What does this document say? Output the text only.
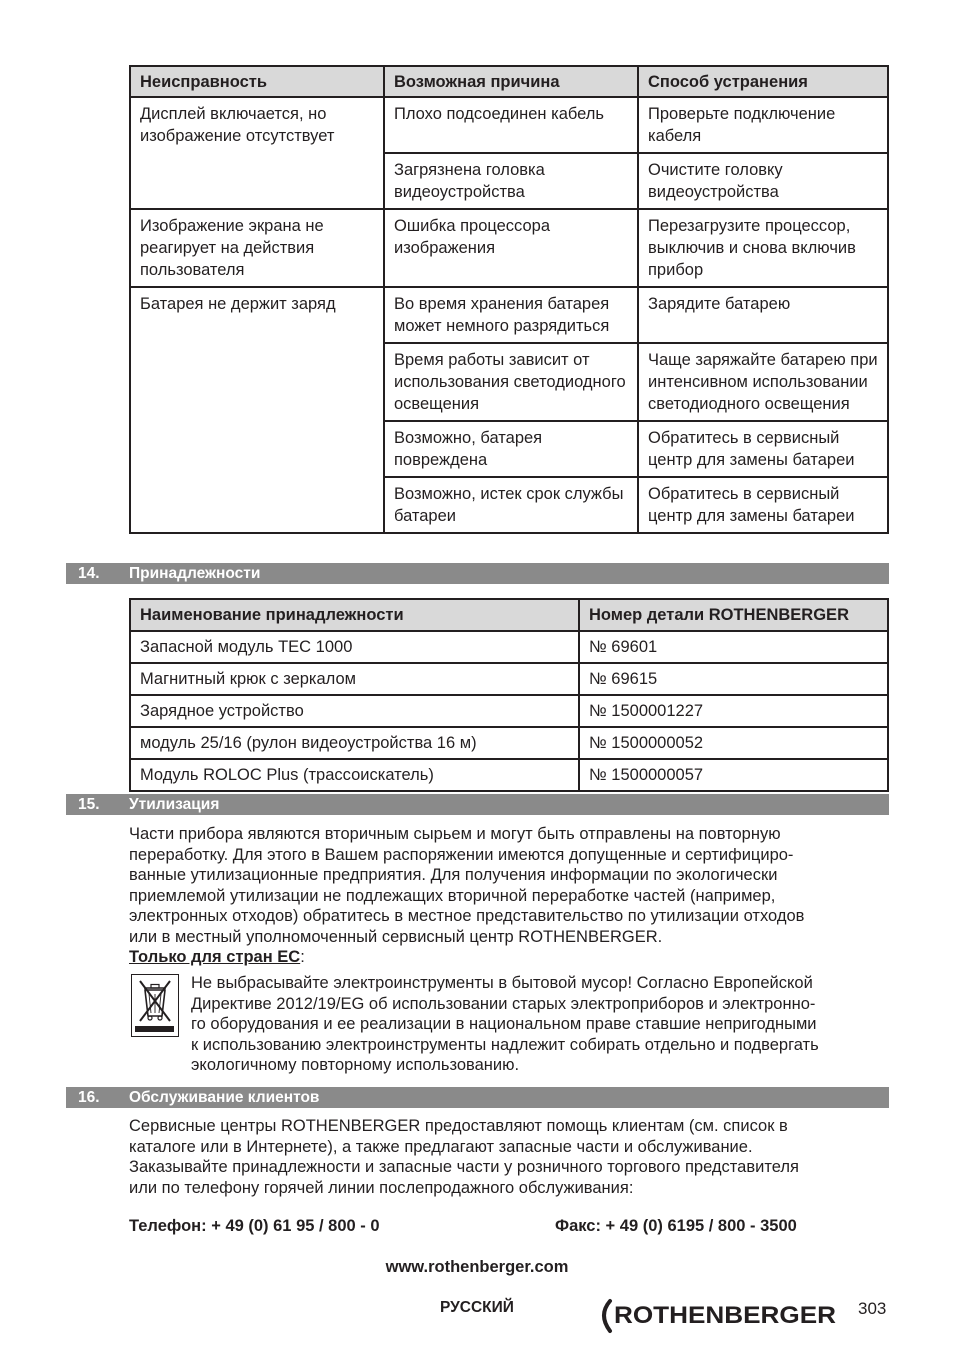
Неисправность	Возможная причина	Способ устранения
Дисплей включается, но изображение отсутствует	Плохо подсоединен кабель	Проверьте подключение кабеля
	Загрязнена головка видеоустройства	Очистите головку видеоустройства
Изображение экрана не реагирует на действия пользователя	Ошибка процессора изображения	Перезагрузите процессор, выключив и снова включив прибор
Батарея не держит заряд	Во время хранения батарея может немного разрядиться	Зарядите батарею
	Время работы зависит от использования светодиодного освещения	Чаще заряжайте батарею при интенсивном использовании светодиодного освещения
	Возможно, батарея повреждена	Обратитесь в сервисный центр для замены батареи
	Возможно, истек срок службы батареи	Обратитесь в сервисный центр для замены батареи
14. Принадлежности
Наименование принадлежности	Номер детали ROTHENBERGER
Запасной модуль TEC 1000	№ 69601
Магнитный крюк с зеркалом	№ 69615
Зарядное устройство	№ 1500001227
модуль 25/16 (рулон видеоустройства 16 м)	№ 1500000052
Модуль ROLOC Plus (трассоискатель)	№ 1500000057
15. Утилизация
Части прибора являются вторичным сырьем и могут быть отправлены на повторную
переработку. Для этого в Вашем распоряжении имеются допущенные и сертифициро-
ванные утилизационные предприятия. Для получения информации по экологически
приемлемой утилизации не подлежащих вторичной переработке частей (например,
электронных отходов) обратитесь в местное представительство по утилизации отходов
или в местный уполномоченный сервисный центр ROTHENBERGER.
Только для стран ЕС:
Не выбрасывайте электроинструменты в бытовой мусор! Согласно Европейской
Директиве 2012/19/EG об использовании старых электроприборов и электронно-
го оборудования и ее реализации в национальном праве ставшие непригодными
к использованию электроинструменты надлежит собирать отдельно и подвергать
экологичному повторному использованию.
16. Обслуживание клиентов
Сервисные центры ROTHENBERGER предоставляют помощь клиентам (см. список в
каталоге или в Интернете), а также предлагают запасные части и обслуживание.
Заказывайте принадлежности и запасные части у розничного торгового представителя
или по телефону горячей линии послепродажного обслуживания:
Телефон: + 49 (0) 61 95 / 800 - 0	Факс: + 49 (0) 6195 / 800 - 3500
www.rothenberger.com
РУССКИЙ	ROTHENBERGER 303
